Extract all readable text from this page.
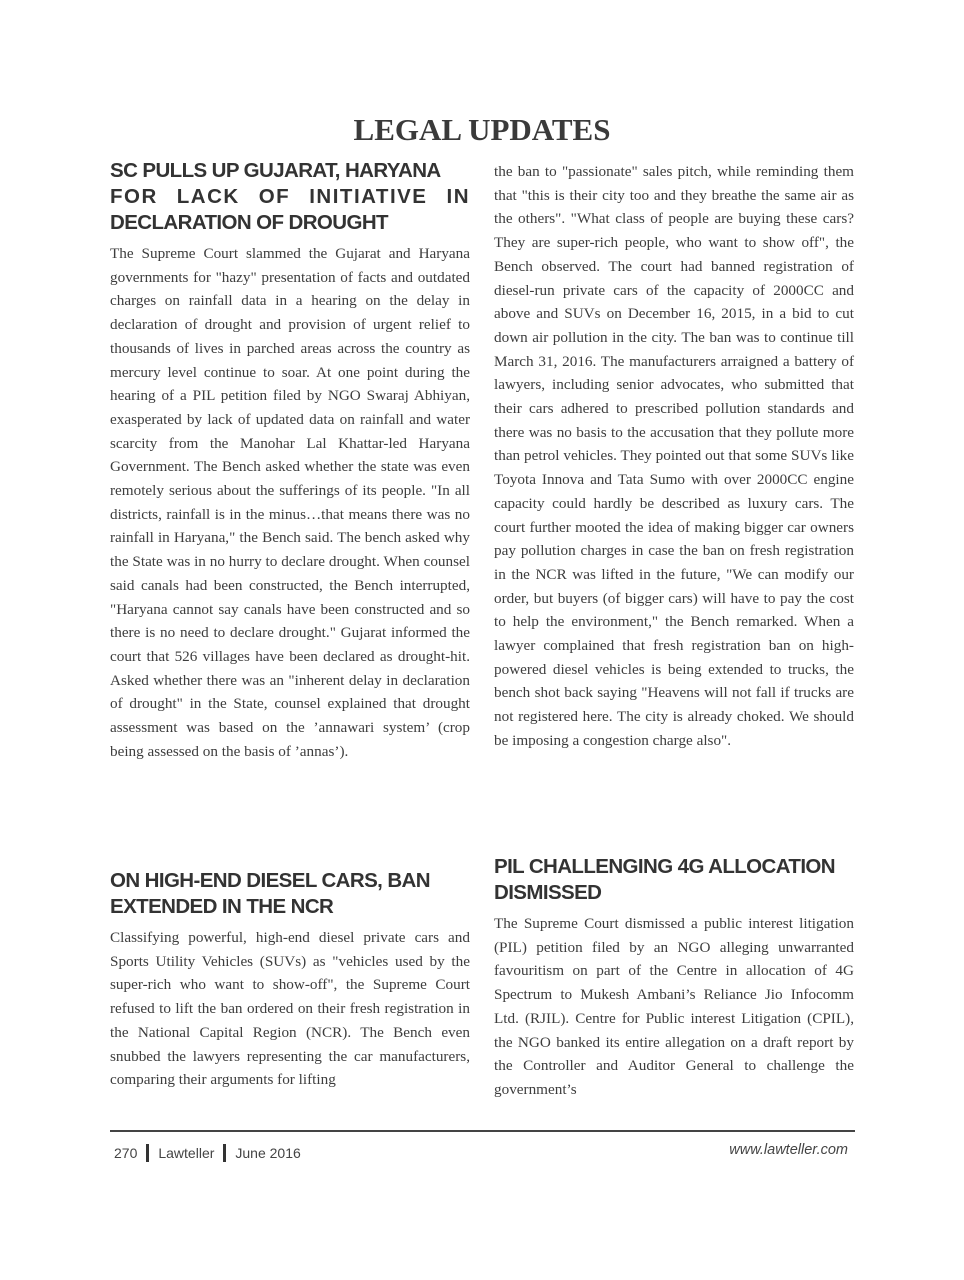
LEGAL UPDATES
SC PULLS UP GUJARAT, HARYANA
FOR LACK OF INITIATIVE IN
DECLARATION OF DROUGHT

The Supreme Court slammed the Gujarat and Haryana governments for "hazy" presentation of facts and outdated charges on rainfall data in a hearing on the delay in declaration of drought and provision of urgent relief to thousands of lives in parched areas across the country as mercury level continue to soar. At one point during the hearing of a PIL petition filed by NGO Swaraj Abhiyan, exasperated by lack of updated data on rainfall and water scarcity from the Manohar Lal Khattar-led Haryana Government. The Bench asked whether the state was even remotely serious about the sufferings of its people. "In all districts, rainfall is in the minus…that means there was no rainfall in Haryana," the Bench said. The bench asked why the State was in no hurry to declare drought. When counsel said canals had been constructed, the Bench interrupted, "Haryana cannot say canals have been constructed and so there is no need to declare drought." Gujarat informed the court that 526 villages have been declared as drought-hit. Asked whether there was an "inherent delay in declaration of drought" in the State, counsel explained that drought assessment was based on the ’annawari system’ (crop being assessed on the basis of ’annas’).

ON HIGH-END DIESEL CARS, BAN
EXTENDED IN THE NCR

Classifying powerful, high-end diesel private cars and Sports Utility Vehicles (SUVs) as "vehicles used by the super-rich who want to show-off", the Supreme Court refused to lift the ban ordered on their fresh registration in the National Capital Region (NCR). The Bench even snubbed the lawyers representing the car manufacturers, comparing their arguments for lifting

the ban to "passionate" sales pitch, while reminding them that "this is their city too and they breathe the same air as the others". "What class of people are buying these cars? They are super-rich people, who want to show off", the Bench observed. The court had banned registration of diesel-run private cars of the capacity of 2000CC and above and SUVs on December 16, 2015, in a bid to cut down air pollution in the city. The ban was to continue till March 31, 2016. The manufacturers arraigned a battery of lawyers, including senior advocates, who submitted that their cars adhered to prescribed pollution standards and there was no basis to the accusation that they pollute more than petrol vehicles. They pointed out that some SUVs like Toyota Innova and Tata Sumo with over 2000CC engine capacity could hardly be described as luxury cars. The court further mooted the idea of making bigger car owners pay pollution charges in case the ban on fresh registration in the NCR was lifted in the future, "We can modify our order, but buyers (of bigger cars) will have to pay the cost to help the environment," the Bench remarked. When a lawyer complained that fresh registration ban on high-powered diesel vehicles is being extended to trucks, the bench shot back saying "Heavens will not fall if trucks are not registered here. The city is already choked. We should be imposing a congestion charge also".

PIL CHALLENGING 4G ALLOCATION
DISMISSED

The Supreme Court dismissed a public interest litigation (PIL) petition filed by an NGO alleging unwarranted favouritism on part of the Centre in allocation of 4G Spectrum to Mukesh Ambani’s Reliance Jio Infocomm Ltd. (RJIL). Centre for Public interest Litigation (CPIL), the NGO banked its entire allegation on a draft report by the Controller and Auditor General to challenge the government’s

270 Lawteller June 2016	www.lawteller.com
